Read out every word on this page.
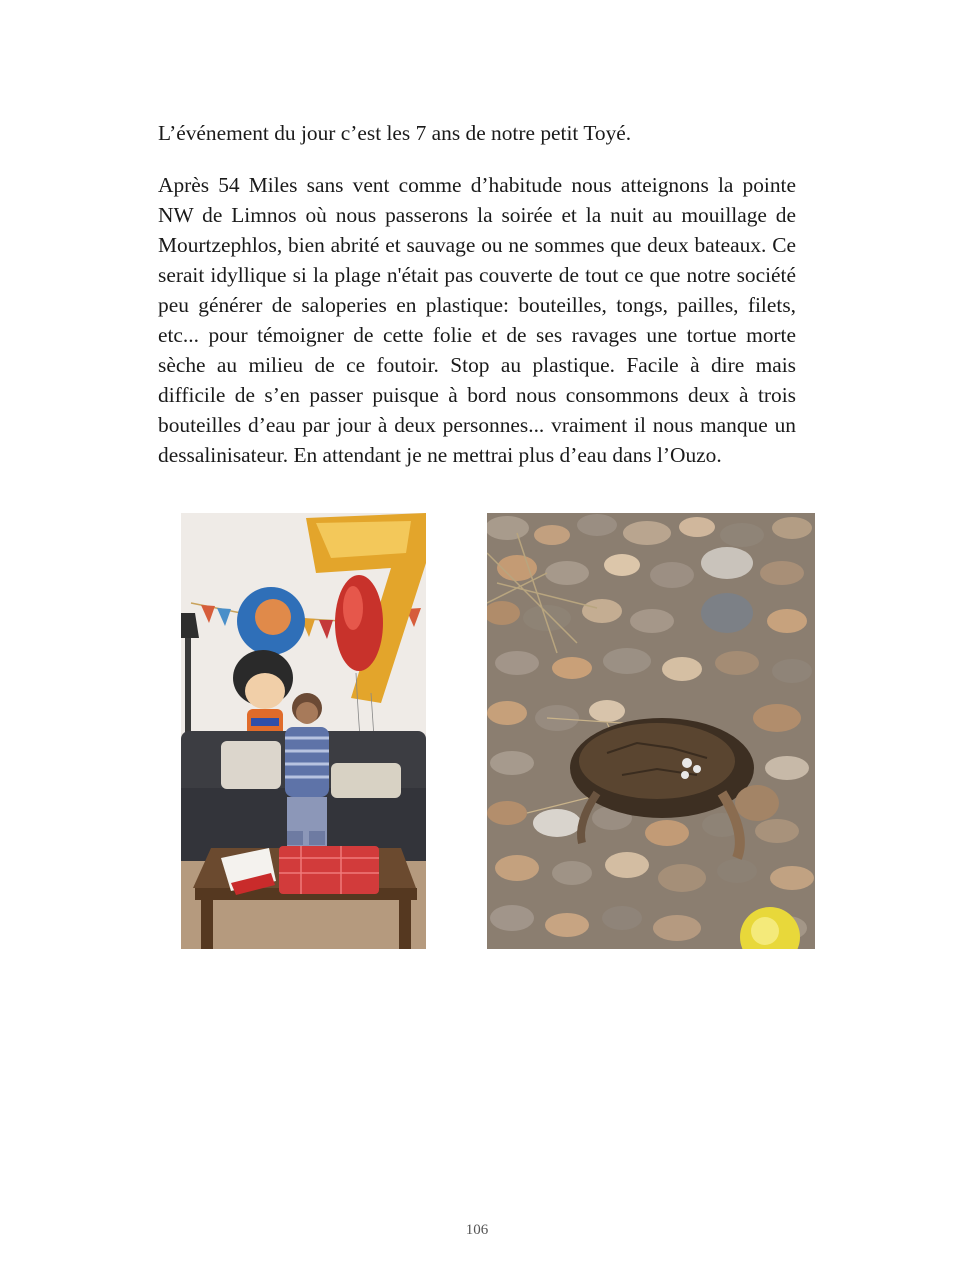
L’événement du jour c’est les 7 ans de notre petit Toyé.

Après 54 Miles sans vent comme d’habitude nous atteignons la pointe NW de Limnos où nous passerons la soirée et la nuit au mouillage de Mourtzephlos, bien abrité et sauvage ou ne sommes que deux bateaux. Ce serait idyllique si la plage n'était pas couverte de tout ce que notre société peu générer de saloperies en plastique: bouteilles, tongs, pailles, filets, etc... pour témoigner de cette folie et de ses ravages une tortue morte sèche au milieu de ce foutoir. Stop au plastique. Facile à dire mais difficile de s’en passer puisque à bord nous consommons deux à trois bouteilles d’eau par jour à deux personnes... vraiment il nous manque un dessalinisateur. En attendant je ne mettrai plus d’eau dans l’Ouzo.

106
